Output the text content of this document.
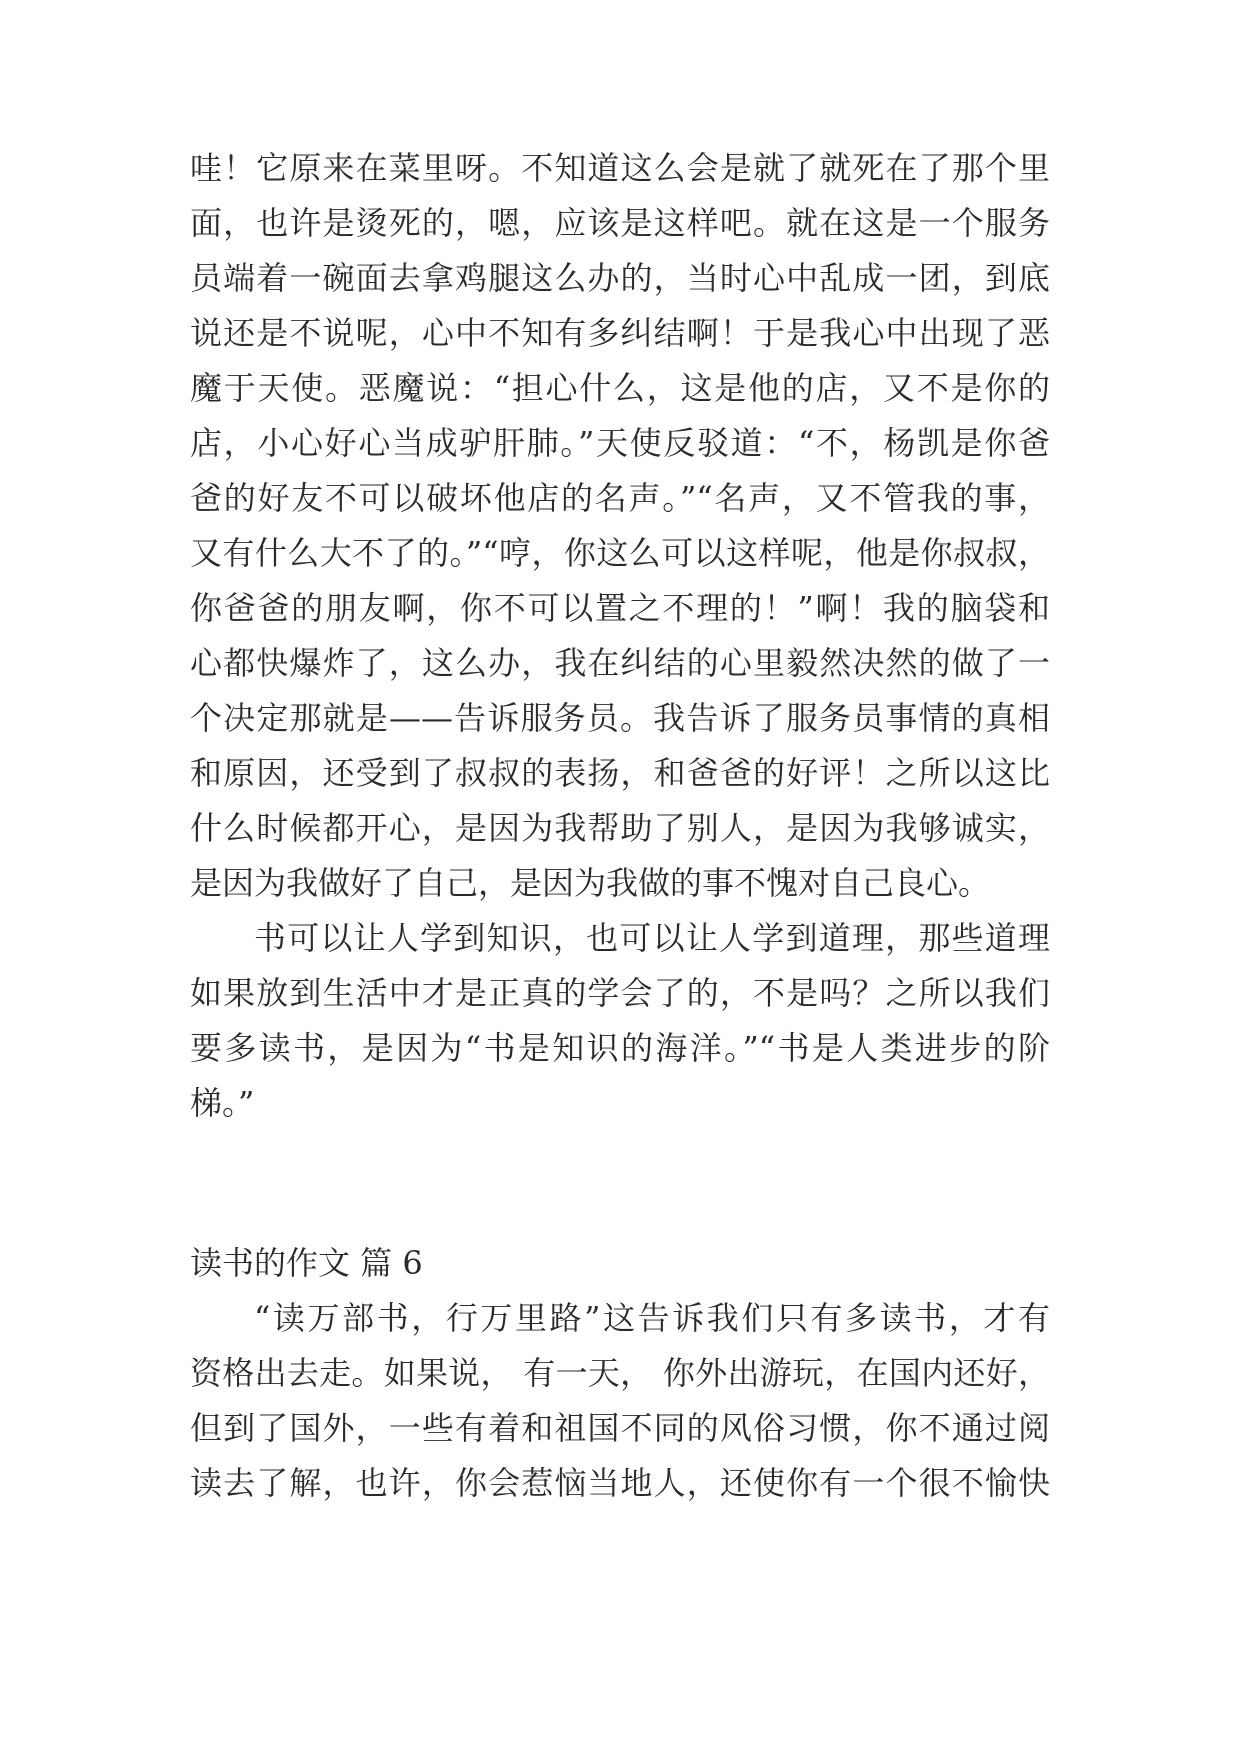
哇！它原来在菜里呀。不知道这么会是就了就死在了那个里
面，也许是烫死的，嗯，应该是这样吧。就在这是一个服务
员端着一碗面去拿鸡腿这么办的，当时心中乱成一团，到底
说还是不说呢，心中不知有多纠结啊！于是我心中出现了恶
魔于天使。恶魔说：“担心什么，这是他的店，又不是你的
店，小心好心当成驴肝肺。”天使反驳道：“不，杨凯是你爸
爸的好友不可以破坏他店的名声。”“名声，又不管我的事，
又有什么大不了的。”“哼，你这么可以这样呢，他是你叔叔，
你爸爸的朋友啊，你不可以置之不理的！”啊！我的脑袋和
心都快爆炸了，这么办，我在纠结的心里毅然决然的做了一
个决定那就是——告诉服务员。我告诉了服务员事情的真相
和原因，还受到了叔叔的表扬，和爸爸的好评！之所以这比
什么时候都开心，是因为我帮助了别人，是因为我够诚实，
是因为我做好了自己，是因为我做的事不愧对自己良心。
书可以让人学到知识，也可以让人学到道理，那些道理
如果放到生活中才是正真的学会了的，不是吗？之所以我们
要多读书，是因为“书是知识的海洋。”“书是人类进步的阶
梯。”
读书的作文 篇 6
“读万部书，行万里路”这告诉我们只有多读书，才有
资格出去走。如果说， 有一天， 你外出游玩，在国内还好，
但到了国外，一些有着和祖国不同的风俗习惯，你不通过阅
读去了解，也许，你会惹恼当地人，还使你有一个很不愉快
